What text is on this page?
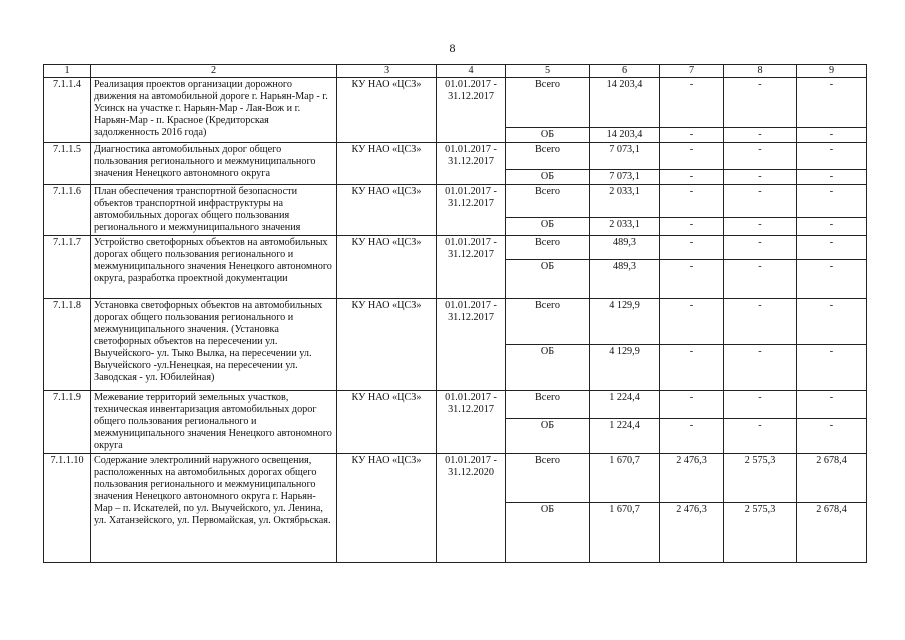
8
1	2	3	4	5	6	7	8	9
7.1.1.4	Реализация проектов организации дорожного движения на автомобильной дороге г. Нарьян-Мар - г. Усинск на участке г. Нарьян-Мар - Лая-Вож и г. Нарьян-Мар - п. Красное (Кредиторская задолженность 2016 года)	КУ НАО «ЦСЗ»	01.01.2017 - 31.12.2017	Всего	14 203,4	-	-	-
				ОБ	14 203,4	-	-	-
7.1.1.5	Диагностика автомобильных дорог общего пользования регионального и межмуниципального значения Ненецкого автономного округа	КУ НАО «ЦСЗ»	01.01.2017 - 31.12.2017	Всего	7 073,1	-	-	-
				ОБ	7 073,1	-	-	-
7.1.1.6	План обеспечения транспортной безопасности объектов транспортной инфраструктуры на автомобильных дорогах общего пользования регионального и межмуниципального значения	КУ НАО «ЦСЗ»	01.01.2017 - 31.12.2017	Всего	2 033,1	-	-	-
				ОБ	2 033,1	-	-	-
7.1.1.7	Устройство светофорных объектов на автомобильных дорогах общего пользования регионального и межмуниципального значения Ненецкого автономного округа, разработка проектной документации	КУ НАО «ЦСЗ»	01.01.2017 - 31.12.2017	Всего	489,3	-	-	-
				ОБ	489,3	-	-	-
7.1.1.8	Установка светофорных объектов на автомобильных дорогах общего пользования регионального и межмуниципального значения. (Установка светофорных объектов на пересечении ул. Выучейского- ул. Тыко Вылка, на пересечении ул. Выучейского -ул.Ненецкая, на пересечении ул. Заводская - ул. Юбилейная)	КУ НАО «ЦСЗ»	01.01.2017 - 31.12.2017	Всего	4 129,9	-	-	-
				ОБ	4 129,9	-	-	-
7.1.1.9	Межевание территорий земельных участков, техническая инвентаризация автомобильных дорог общего пользования регионального и межмуниципального значения Ненецкого автономного округа	КУ НАО «ЦСЗ»	01.01.2017 - 31.12.2017	Всего	1 224,4	-	-	-
				ОБ	1 224,4	-	-	-
7.1.1.10	Содержание электролиний наружного освещения, расположенных на автомобильных дорогах общего пользования регионального и межмуниципального значения Ненецкого автономного округа г. Нарьян-Мар – п. Искателей, по ул. Выучейского, ул. Ленина, ул. Хатанзейского, ул. Первомайская, ул. Октябрьская.	КУ НАО «ЦСЗ»	01.01.2017 - 31.12.2020	Всего	1 670,7	2 476,3	2 575,3	2 678,4
				ОБ	1 670,7	2 476,3	2 575,3	2 678,4
